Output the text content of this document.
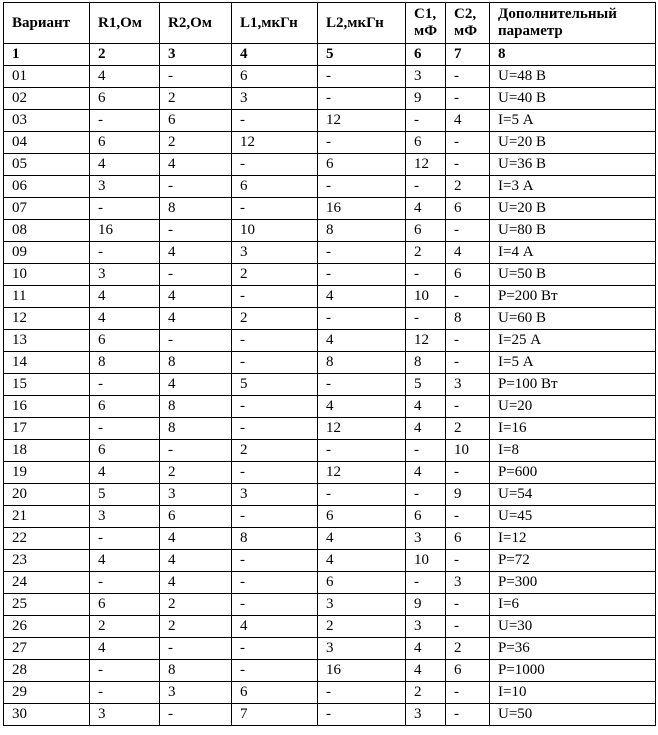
Вариант	R1,Ом	R2,Ом	L1,мкГн	L2,мкГн	C1, мФ	C2, мФ	Дополнительный параметр
1	2	3	4	5	6	7	8
01	4	-	6	-	3	-	U=48 В
02	6	2	3	-	9	-	U=40 В
03	-	6	-	12	-	4	I=5 А
04	6	2	12	-	6	-	U=20 В
05	4	4	-	6	12	-	U=36 В
06	3	-	6	-	-	2	I=3 А
07	-	8	-	16	4	6	U=20 В
08	16	-	10	8	6	-	U=80 В
09	-	4	3	-	2	4	I=4 А
10	3	-	2	-	-	6	U=50 В
11	4	4	-	4	10	-	P=200 Вт
12	4	4	2	-	-	8	U=60 В
13	6	-	-	4	12	-	I=25 А
14	8	8	-	8	8	-	I=5 А
15	-	4	5	-	5	3	P=100 Вт
16	6	8	-	4	4	-	U=20
17	-	8	-	12	4	2	I=16
18	6	-	2	-	-	10	I=8
19	4	2	-	12	4	-	P=600
20	5	3	3	-	-	9	U=54
21	3	6	-	6	6	-	U=45
22	-	4	8	4	3	6	I=12
23	4	4	-	4	10	-	P=72
24	-	4	-	6	-	3	P=300
25	6	2	-	3	9	-	I=6
26	2	2	4	2	3	-	U=30
27	4	-	-	3	4	2	P=36
28	-	8	-	16	4	6	P=1000
29	-	3	6	-	2	-	I=10
30	3	-	7	-	3	-	U=50
